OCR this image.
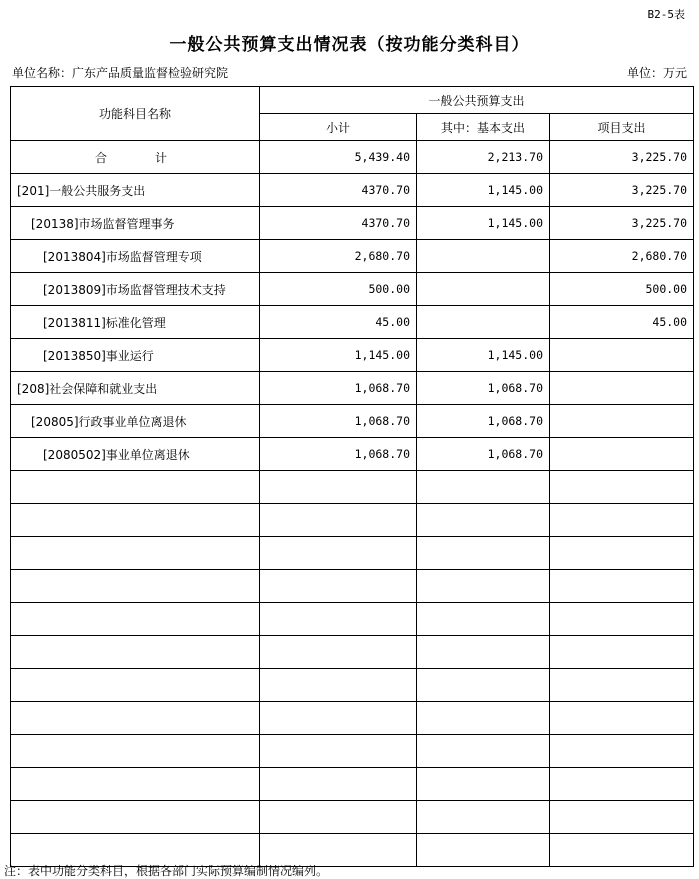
B2-5表
一般公共预算支出情况表（按功能分类科目）
单位名称：广东产品质量监督检验研究院	单位：万元
功能科目名称	一般公共预算支出		
	小计	其中：基本支出	项目支出
合　　计	5,439.40	2,213.70	3,225.70
[201]一般公共服务支出	4370.70	1,145.00	3,225.70
[20138]市场监督管理事务	4370.70	1,145.00	3,225.70
[2013804]市场监督管理专项	2,680.70		2,680.70
[2013809]市场监督管理技术支持	500.00		500.00
[2013811]标准化管理	45.00		45.00
[2013850]事业运行	1,145.00	1,145.00	
[208]社会保障和就业支出	1,068.70	1,068.70	
[20805]行政事业单位离退休	1,068.70	1,068.70	
[2080502]事业单位离退休	1,068.70	1,068.70	

注：表中功能分类科目，根据各部门实际预算编制情况编列。
